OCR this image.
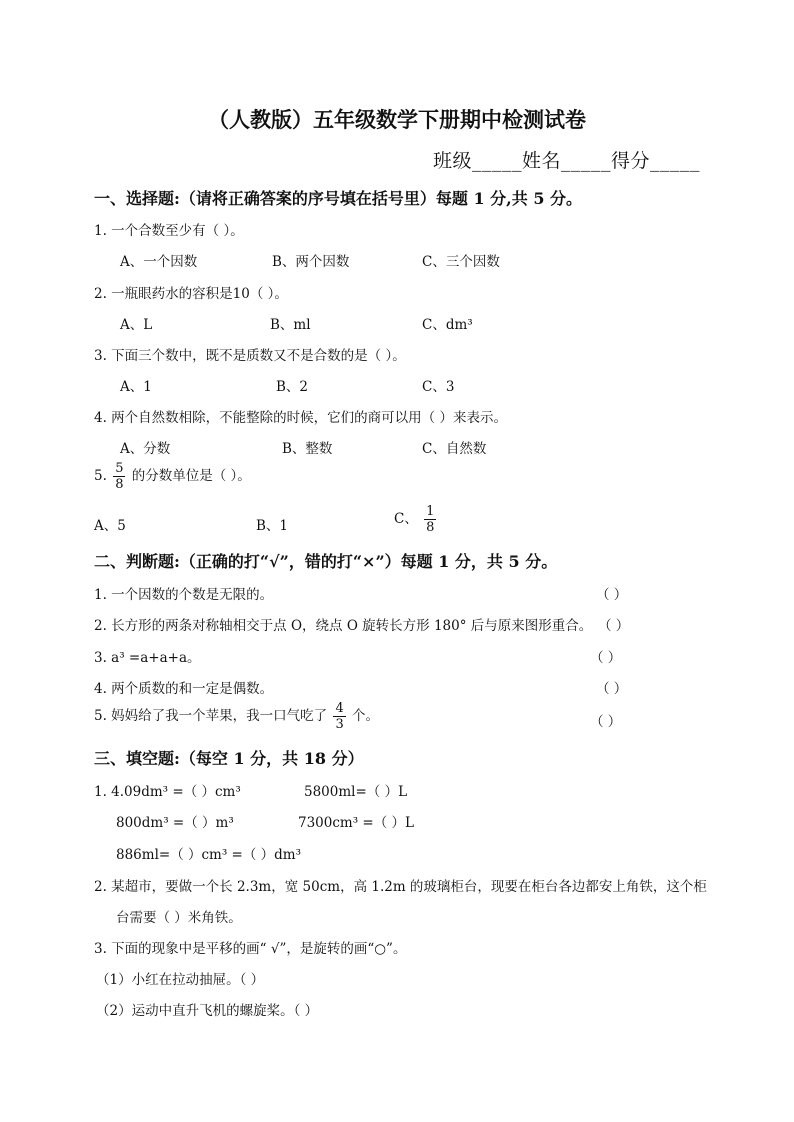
（人教版）五年级数学下册期中检测试卷
班级_____姓名_____得分_____
一、选择题:（请将正确答案的序号填在括号里）每题 1 分,共 5 分。
1. 一个合数至少有（ ）。
A、一个因数	B、两个因数	C、三个因数
2. 一瓶眼药水的容积是10（ ）。
A、L	B、ml	C、dm³
3. 下面三个数中，既不是质数又不是合数的是（ ）。
A、1	B、2	C、3
4. 两个自然数相除，不能整除的时候，它们的商可以用（ ）来表示。
A、分数	B、整数	C、自然数
5. $\frac{5}{8}$ 的分数单位是（ ）。
A、5	B、1	C、 $\frac{1}{8}$
二、判断题:（正确的打“√”，错的打“×”）每题 1 分，共 5 分。
1. 一个因数的个数是无限的。	（ ）
2. 长方形的两条对称轴相交于点 O，绕点 O 旋转长方形 180° 后与原来图形重合。 （ ）
3. a³ =a+a+a。	（ ）
4. 两个质数的和一定是偶数。	（ ）
5. 妈妈给了我一个苹果，我一口气吃了 $\frac{4}{3}$ 个。	（ ）
三、填空题:（每空 1 分，共 18 分）
1. 4.09dm³ =（ ）cm³	5800ml=（ ）L
800dm³ =（ ）m³	7300cm³ =（ ）L
886ml=（ ）cm³ =（ ）dm³
2. 某超市，要做一个长 2.3m，宽 50cm，高 1.2m 的玻璃柜台，现要在柜台各边都安上角铁，这个柜
台需要（ ）米角铁。
3. 下面的现象中是平移的画“ √”，是旋转的画“○”。
（1）小红在拉动抽屉。（ ）
（2）运动中直升飞机的螺旋桨。（ ）
